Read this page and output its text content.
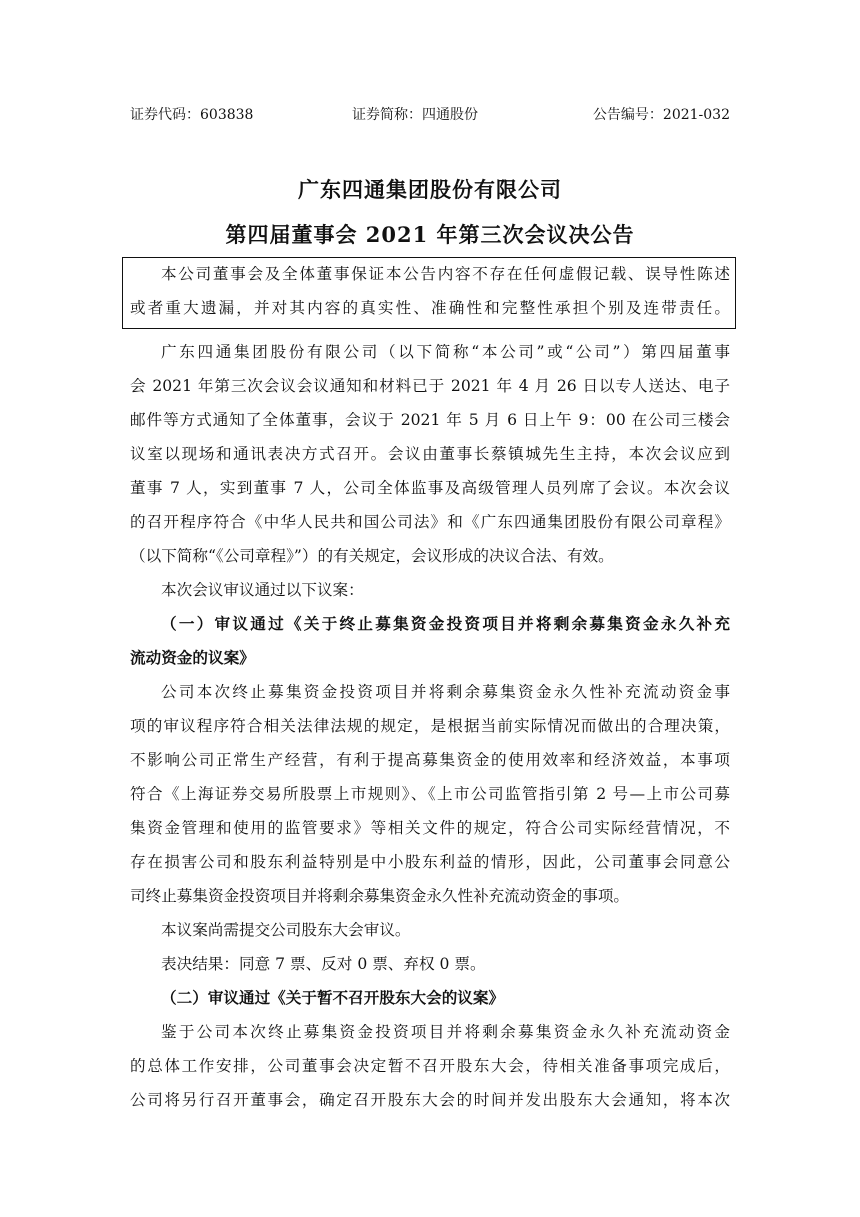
证券代码：603838	证券简称：四通股份	公告编号：2021-032
广东四通集团股份有限公司
第四届董事会 2021 年第三次会议决公告
本公司董事会及全体董事保证本公告内容不存在任何虚假记载、误导性陈述
或者重大遗漏，并对其内容的真实性、准确性和完整性承担个别及连带责任。
广东四通集团股份有限公司（以下简称“本公司”或“公司”）第四届董事
会 2021 年第三次会议会议通知和材料已于 2021 年 4 月 26 日以专人送达、电子
邮件等方式通知了全体董事，会议于 2021 年 5 月 6 日上午 9：00 在公司三楼会
议室以现场和通讯表决方式召开。会议由董事长蔡镇城先生主持，本次会议应到
董事 7 人，实到董事 7 人，公司全体监事及高级管理人员列席了会议。本次会议
的召开程序符合《中华人民共和国公司法》和《广东四通集团股份有限公司章程》
（以下简称“《公司章程》”）的有关规定，会议形成的决议合法、有效。
本次会议审议通过以下议案：
（一）审议通过《关于终止募集资金投资项目并将剩余募集资金永久补充
流动资金的议案》
公司本次终止募集资金投资项目并将剩余募集资金永久性补充流动资金事
项的审议程序符合相关法律法规的规定，是根据当前实际情况而做出的合理决策，
不影响公司正常生产经营，有利于提高募集资金的使用效率和经济效益，本事项
符合《上海证券交易所股票上市规则》、《上市公司监管指引第 2 号—上市公司募
集资金管理和使用的监管要求》等相关文件的规定，符合公司实际经营情况，不
存在损害公司和股东利益特别是中小股东利益的情形，因此，公司董事会同意公
司终止募集资金投资项目并将剩余募集资金永久性补充流动资金的事项。
本议案尚需提交公司股东大会审议。
表决结果：同意 7 票、反对 0 票、弃权 0 票。
（二）审议通过《关于暂不召开股东大会的议案》
鉴于公司本次终止募集资金投资项目并将剩余募集资金永久补充流动资金
的总体工作安排，公司董事会决定暂不召开股东大会，待相关准备事项完成后，
公司将另行召开董事会，确定召开股东大会的时间并发出股东大会通知，将本次
